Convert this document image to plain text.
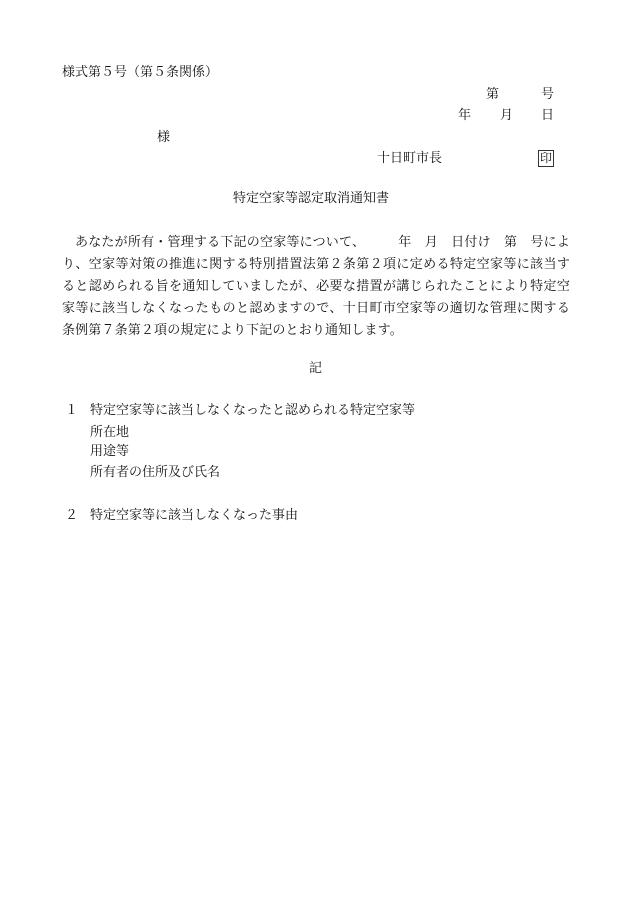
様式第５号（第５条関係）
第	号
年 月 日
様
十日町市長	印
特定空家等認定取消通知書

あなたが所有・管理する下記の空家等について、　　　年　月　日付け　第　号により、空家等対策の推進に関する特別措置法第２条第２項に定める特定空家等に該当すると認められる旨を通知していましたが、必要な措置が講じられたことにより特定空家等に該当しなくなったものと認めますので、十日町市空家等の適切な管理に関する条例第７条第２項の規定により下記のとおり通知します。

記
１ 特定空家等に該当しなくなったと認められる特定空家等
所在地
用途等
所有者の住所及び氏名
２ 特定空家等に該当しなくなった事由
